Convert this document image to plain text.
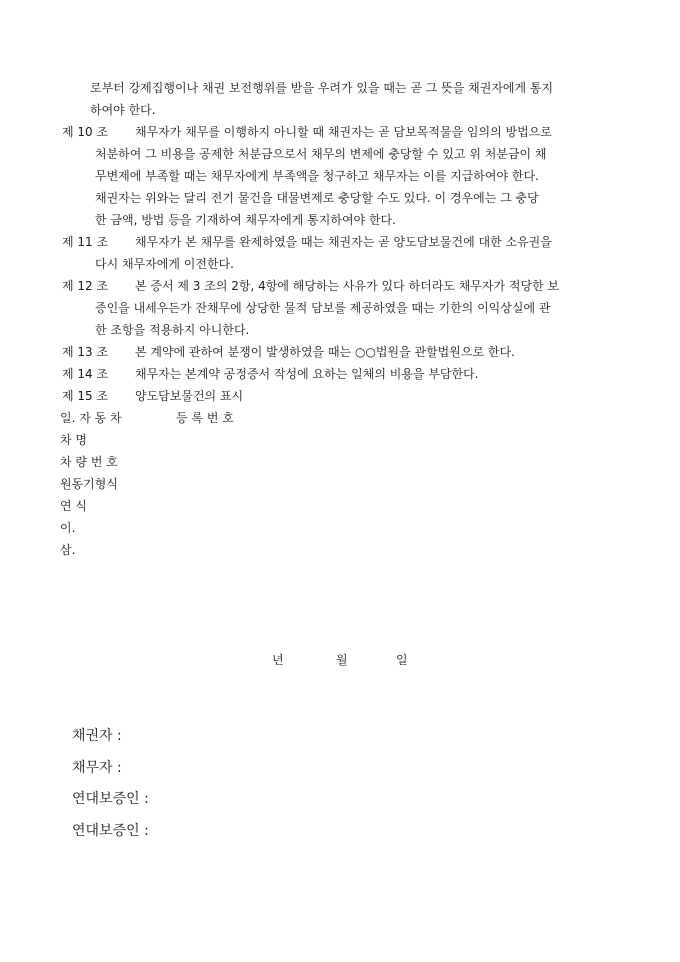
로부터 강제집행이나 채권 보전행위를 받을 우려가 있을 때는 곧 그 뜻을 채권자에게 통지
하여야 한다.
제 10 조 채무자가 채무를 이행하지 아니할 때 채권자는 곧 담보목적물을 임의의 방법으로
처분하여 그 비용을 공제한 처분금으로서 채무의 변제에 충당할 수 있고 위 처분금이 채
무변제에 부족할 때는 채무자에게 부족액을 청구하고 채무자는 이를 지급하여야 한다.
채권자는 위와는 달리 전기 물건을 대물변제로 충당할 수도 있다. 이 경우에는 그 충당
한 금액, 방법 등을 기재하여 채무자에게 통지하여야 한다.
제 11 조 채무자가 본 채무를 완제하였을 때는 채권자는 곧 양도담보물건에 대한 소유권을
다시 채무자에게 이전한다.
제 12 조 본 증서 제 3 조의 2항, 4항에 해당하는 사유가 있다 하더라도 채무자가 적당한 보
증인을 내세우든가 잔채무에 상당한 물적 담보를 제공하였을 때는 기한의 이익상실에 관
한 조항을 적용하지 아니한다.
제 13 조 본 계약에 관하여 분쟁이 발생하였을 때는 ○○법원을 관할법원으로 한다.
제 14 조 채무자는 본계약 공정증서 작성에 요하는 일체의 비용을 부담한다.
제 15 조 양도담보물건의 표시
일. 자 동 차	등 록 번 호
차 명
차 량 번 호
원동기형식
연 식
이.
삼.
년	월	일
채권자 :
채무자 :
연대보증인 :
연대보증인 :
